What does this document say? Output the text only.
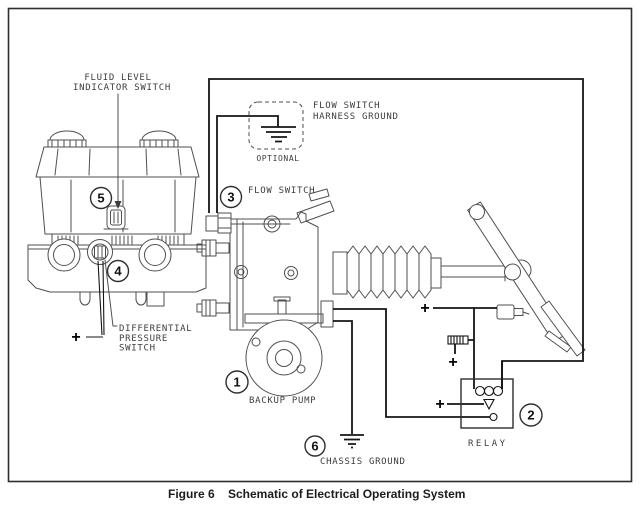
1
2
3
4
5
6
FLUID LEVEL
INDICATOR SWITCH
FLOW SWITCH
HARNESS GROUND
OPTIONAL
FLOW SWITCH
DIFFERENTIAL
PRESSURE
SWITCH
BACKUP PUMP
CHASSIS GROUND
RELAY
+
+
+
+
Figure 6 Schematic of Electrical Operating System
